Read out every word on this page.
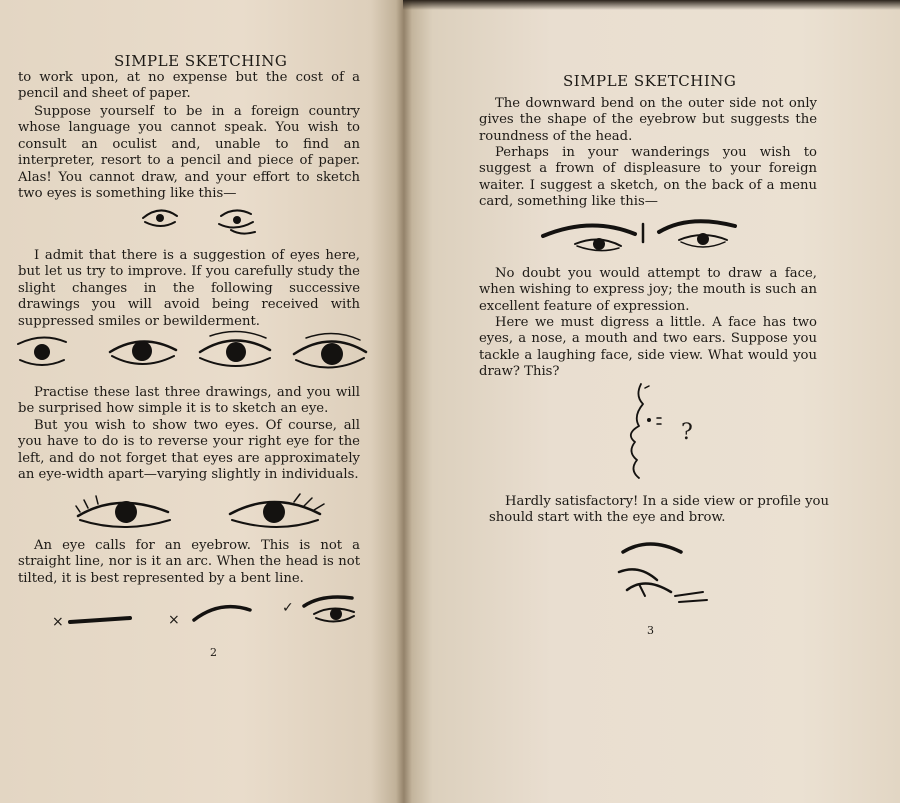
SIMPLE SKETCHING

to work upon, at no expense but the cost of a pencil and sheet of paper.

Suppose yourself to be in a foreign country whose language you cannot speak. You wish to consult an oculist and, unable to find an interpreter, resort to a pencil and piece of paper. Alas! You cannot draw, and your effort to sketch two eyes is something like this—

I admit that there is a suggestion of eyes here, but let us try to improve. If you carefully study the slight changes in the following successive drawings you will avoid being received with suppressed smiles or bewilderment.

Practise these last three drawings, and you will be surprised how simple it is to sketch an eye.

But you wish to show two eyes. Of course, all you have to do is to reverse your right eye for the left, and do not forget that eyes are approximately an eye-width apart—varying slightly in individuals.

An eye calls for an eyebrow. This is not a straight line, nor is it an arc. When the head is not tilted, it is best represented by a bent line.

×	×
✓
2
SIMPLE SKETCHING

The downward bend on the outer side not only gives the shape of the eyebrow but suggests the roundness of the head.

Perhaps in your wanderings you wish to suggest a frown of displeasure to your foreign waiter. I suggest a sketch, on the back of a menu card, something like this—

No doubt you would attempt to draw a face, when wishing to express joy; the mouth is such an excellent feature of expression.

Here we must digress a little. A face has two eyes, a nose, a mouth and two ears. Suppose you tackle a laughing face, side view. What would you draw? This?

?

Hardly satisfactory! In a side view or profile you should start with the eye and brow.

3
